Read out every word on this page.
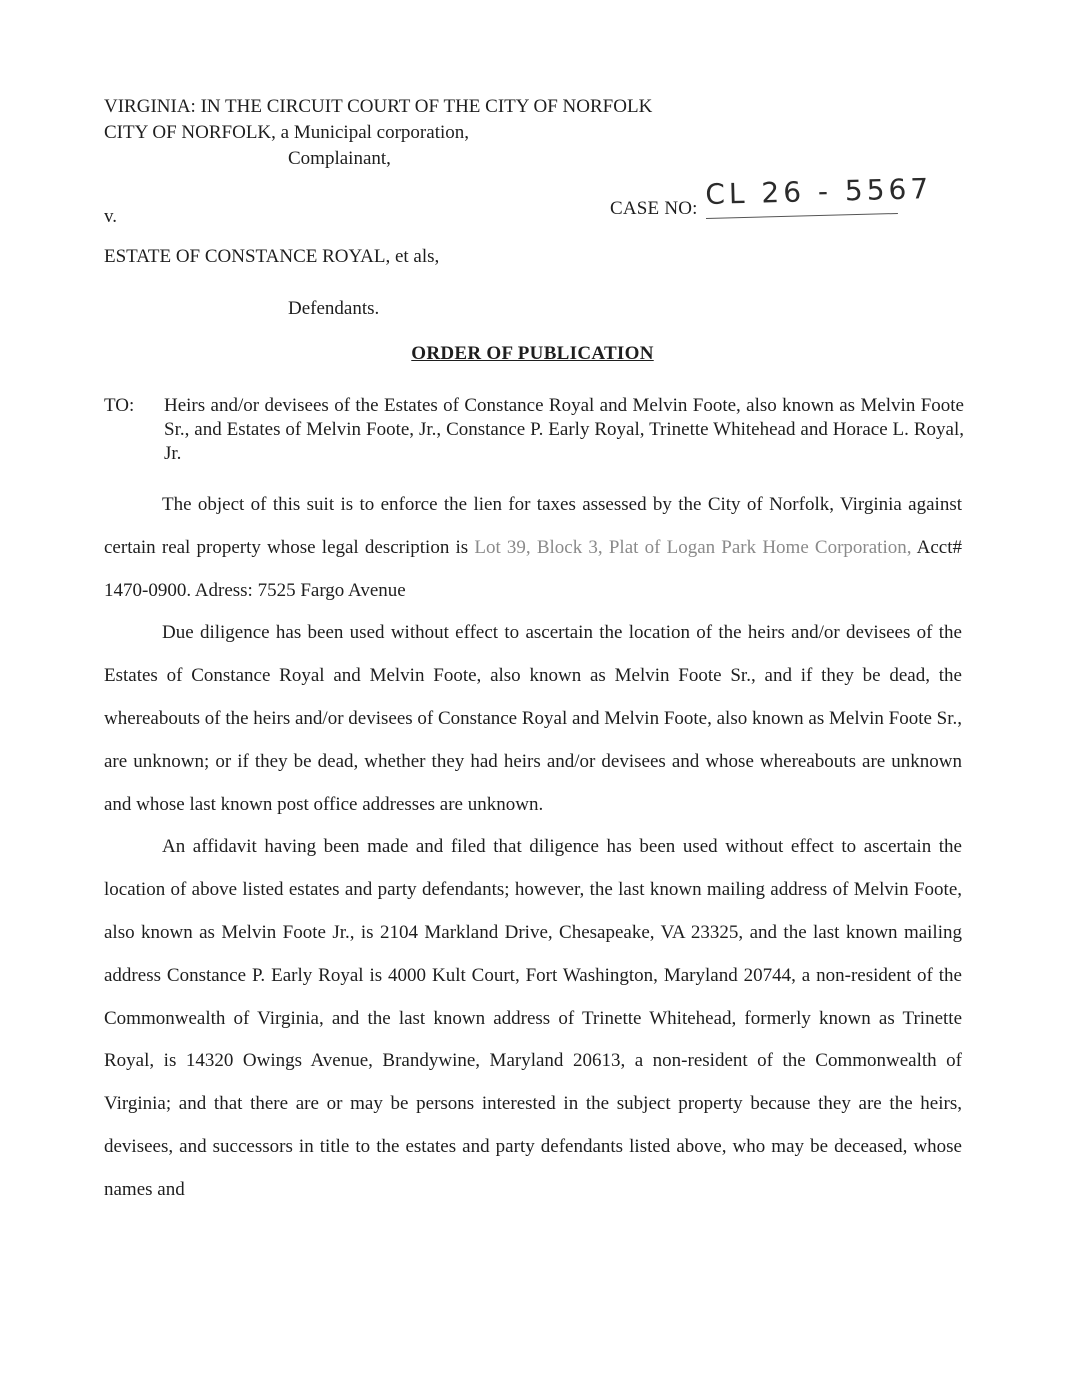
VIRGINIA: IN THE CIRCUIT COURT OF THE CITY OF NORFOLK
CITY OF NORFOLK, a Municipal corporation,
Complainant,
v.	CASE NO: CL 26 - 5567
ESTATE OF CONSTANCE ROYAL, et als,
Defendants.
ORDER OF PUBLICATION
TO: Heirs and/or devisees of the Estates of Constance Royal and Melvin Foote, also known as Melvin Foote Sr., and Estates of Melvin Foote, Jr., Constance P. Early Royal, Trinette Whitehead and Horace L. Royal, Jr.

The object of this suit is to enforce the lien for taxes assessed by the City of Norfolk, Virginia against certain real property whose legal description is Lot 39, Block 3, Plat of Logan Park Home Corporation, Acct# 1470-0900. Adress: 7525 Fargo Avenue

Due diligence has been used without effect to ascertain the location of the heirs and/or devisees of the Estates of Constance Royal and Melvin Foote, also known as Melvin Foote Sr., and if they be dead, the whereabouts of the heirs and/or devisees of Constance Royal and Melvin Foote, also known as Melvin Foote Sr., are unknown; or if they be dead, whether they had heirs and/or devisees and whose whereabouts are unknown and whose last known post office addresses are unknown.

An affidavit having been made and filed that diligence has been used without effect to ascertain the location of above listed estates and party defendants; however, the last known mailing address of Melvin Foote, also known as Melvin Foote Jr., is 2104 Markland Drive, Chesapeake, VA 23325, and the last known mailing address Constance P. Early Royal is 4000 Kult Court, Fort Washington, Maryland 20744, a non-resident of the Commonwealth of Virginia, and the last known address of Trinette Whitehead, formerly known as Trinette Royal, is 14320 Owings Avenue, Brandywine, Maryland 20613, a non-resident of the Commonwealth of Virginia; and that there are or may be persons interested in the subject property because they are the heirs, devisees, and successors in title to the estates and party defendants listed above, who may be deceased, whose names and
